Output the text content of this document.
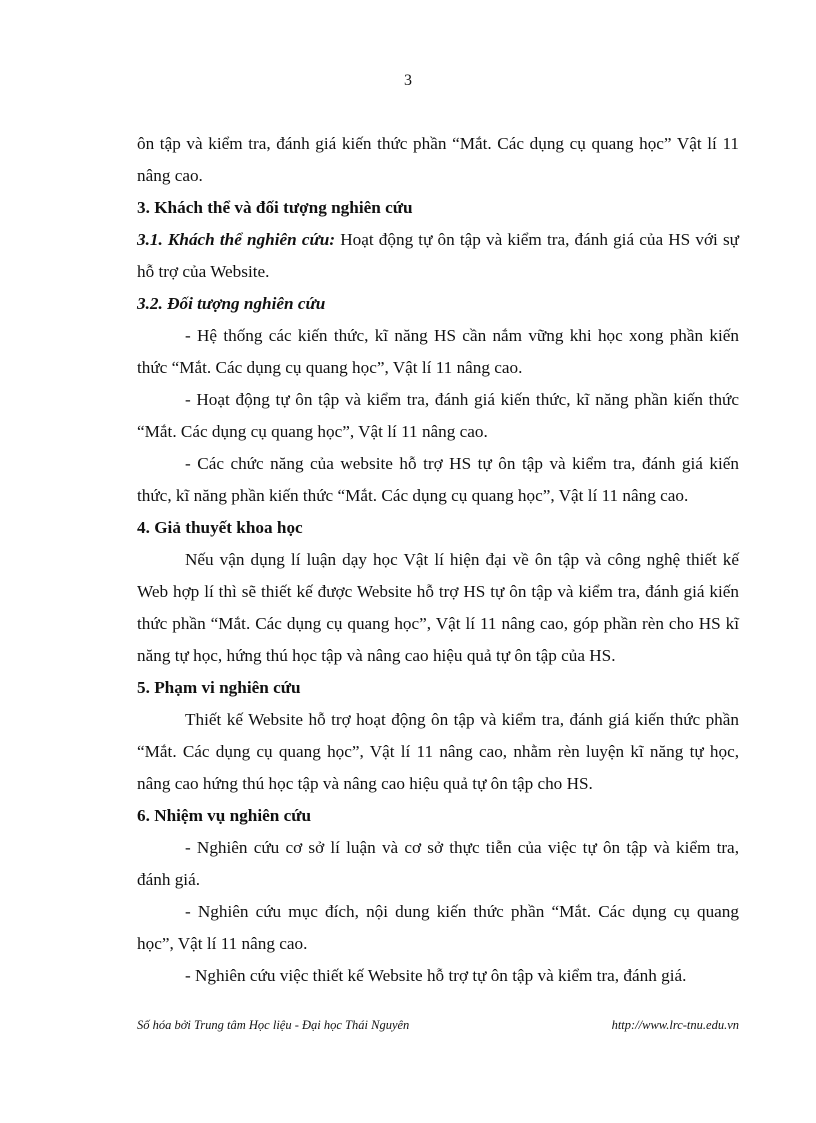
3

ôn tập và kiểm tra, đánh giá kiến thức phần “Mắt. Các dụng cụ quang học” Vật lí 11 nâng cao.

3. Khách thể và đối tượng nghiên cứu

3.1. Khách thể nghiên cứu: Hoạt động tự ôn tập và kiểm tra, đánh giá của HS với sự hỗ trợ của Website.

3.2. Đối tượng nghiên cứu

- Hệ thống các kiến thức, kĩ năng HS cần nắm vững khi học xong phần kiến thức “Mắt. Các dụng cụ quang học”, Vật lí 11 nâng cao.

- Hoạt động tự ôn tập và kiểm tra, đánh giá kiến thức, kĩ năng phần kiến thức “Mắt. Các dụng cụ quang học”, Vật lí 11 nâng cao.

- Các chức năng của website hỗ trợ HS tự ôn tập và kiểm tra, đánh giá kiến thức, kĩ năng phần kiến thức “Mắt. Các dụng cụ quang học”, Vật lí 11 nâng cao.

4. Giả thuyết khoa học

Nếu vận dụng lí luận dạy học Vật lí hiện đại về ôn tập và công nghệ thiết kế Web hợp lí thì sẽ thiết kế được Website hỗ trợ HS tự ôn tập và kiểm tra, đánh giá kiến thức phần “Mắt. Các dụng cụ quang học”, Vật lí 11 nâng cao, góp phần rèn cho HS kĩ năng tự học, hứng thú học tập và nâng cao hiệu quả tự ôn tập của HS.

5. Phạm vi nghiên cứu

Thiết kế Website hỗ trợ hoạt động ôn tập và kiểm tra, đánh giá kiến thức phần “Mắt. Các dụng cụ quang học”, Vật lí 11 nâng cao, nhằm rèn luyện kĩ năng tự học, nâng cao hứng thú học tập và nâng cao hiệu quả tự ôn tập cho HS.

6. Nhiệm vụ nghiên cứu

- Nghiên cứu cơ sở lí luận và cơ sở thực tiễn của việc tự ôn tập và kiểm tra, đánh giá.

- Nghiên cứu mục đích, nội dung kiến thức phần “Mắt. Các dụng cụ quang học”, Vật lí 11 nâng cao.

- Nghiên cứu việc thiết kế Website hỗ trợ tự ôn tập và kiểm tra, đánh giá.

Số hóa bởi Trung tâm Học liệu - Đại học Thái Nguyên	http://www.lrc-tnu.edu.vn
